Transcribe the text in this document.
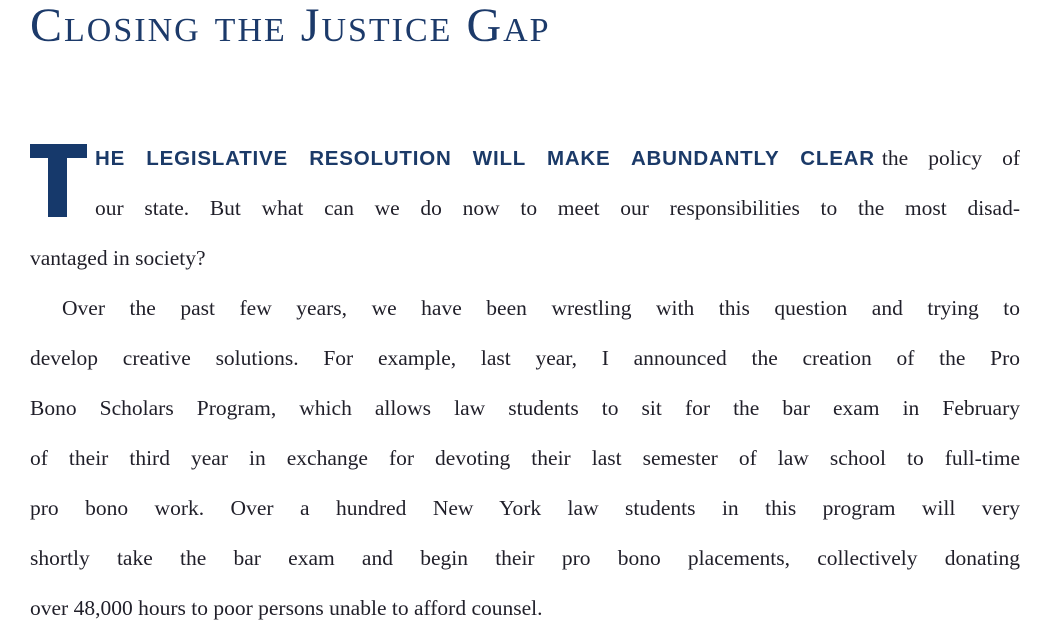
Closing the Justice Gap
HE LEGISLATIVE RESOLUTION WILL MAKE ABUNDANTLY CLEAR the policy of
our state. But what can we do now to meet our responsibilities to the most disad-
vantaged in society?
Over the past few years, we have been wrestling with this question and trying to
develop creative solutions. For example, last year, I announced the creation of the Pro
Bono Scholars Program, which allows law students to sit for the bar exam in February
of their third year in exchange for devoting their last semester of law school to full-time
pro bono work. Over a hundred New York law students in this program will very
shortly take the bar exam and begin their pro bono placements, collectively donating
over 48,000 hours to poor persons unable to afford counsel.
